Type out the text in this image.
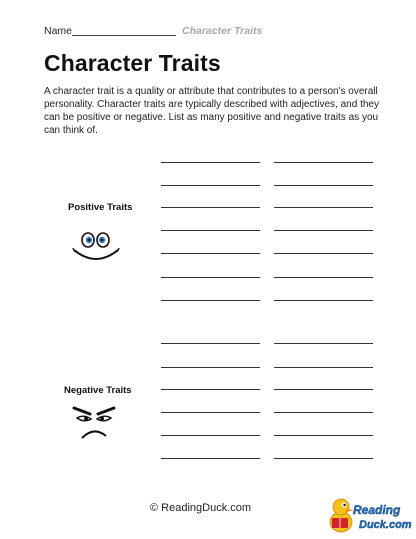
Name	Character Traits
Character Traits
A character trait is a quality or attribute that contributes to a person's overall personality. Character traits are typically described with adjectives, and they can be positive or negative. List as many positive and negative traits as you can think of.
Positive Traits
Negative Traits
© ReadingDuck.com	Reading
Duck.com
